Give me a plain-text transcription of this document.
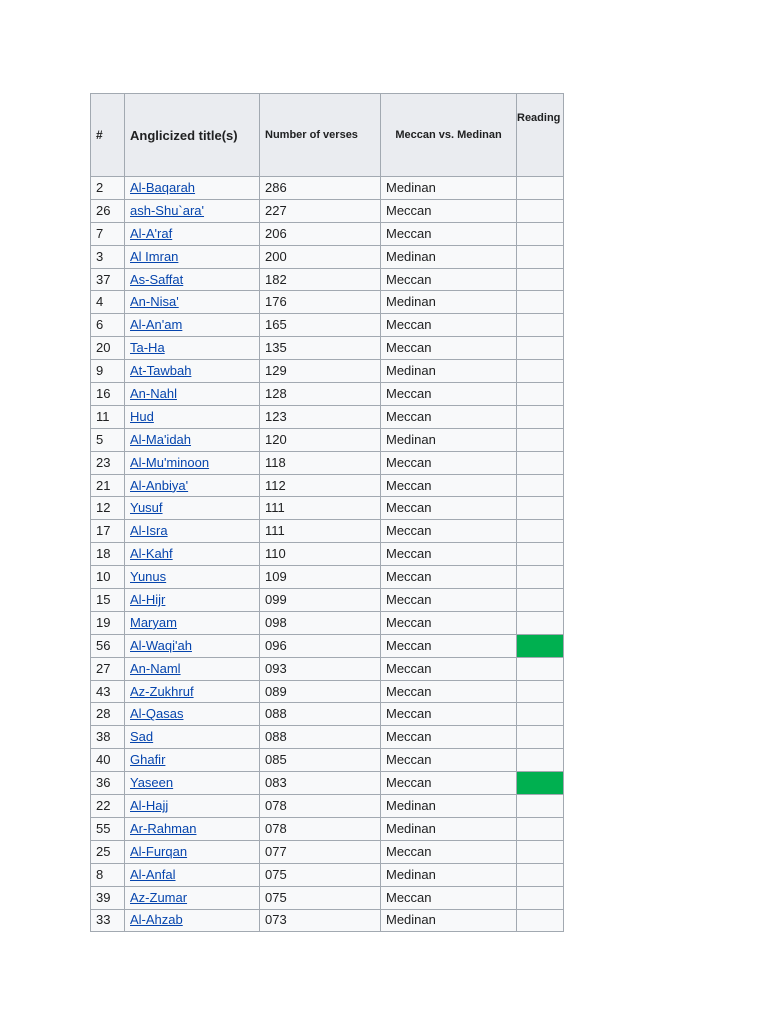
#	Anglicized title(s)	Number of verses	Meccan vs. Medinan	Reading
2	Al-Baqarah	286	Medinan	
26	ash-Shu`ara'	227	Meccan	
7	Al-A'raf	206	Meccan	
3	Al Imran	200	Medinan	
37	As-Saffat	182	Meccan	
4	An-Nisa'	176	Medinan	
6	Al-An'am	165	Meccan	
20	Ta-Ha	135	Meccan	
9	At-Tawbah	129	Medinan	
16	An-Nahl	128	Meccan	
11	Hud	123	Meccan	
5	Al-Ma'idah	120	Medinan	
23	Al-Mu'minoon	118	Meccan	
21	Al-Anbiya'	112	Meccan	
12	Yusuf	111	Meccan	
17	Al-Isra	111	Meccan	
18	Al-Kahf	110	Meccan	
10	Yunus	109	Meccan	
15	Al-Hijr	099	Meccan	
19	Maryam	098	Meccan	
56	Al-Waqi'ah	096	Meccan	
27	An-Naml	093	Meccan	
43	Az-Zukhruf	089	Meccan	
28	Al-Qasas	088	Meccan	
38	Sad	088	Meccan	
40	Ghafir	085	Meccan	
36	Yaseen	083	Meccan	
22	Al-Hajj	078	Medinan	
55	Ar-Rahman	078	Medinan	
25	Al-Furqan	077	Meccan	
8	Al-Anfal	075	Medinan	
39	Az-Zumar	075	Meccan	
33	Al-Ahzab	073	Medinan	
